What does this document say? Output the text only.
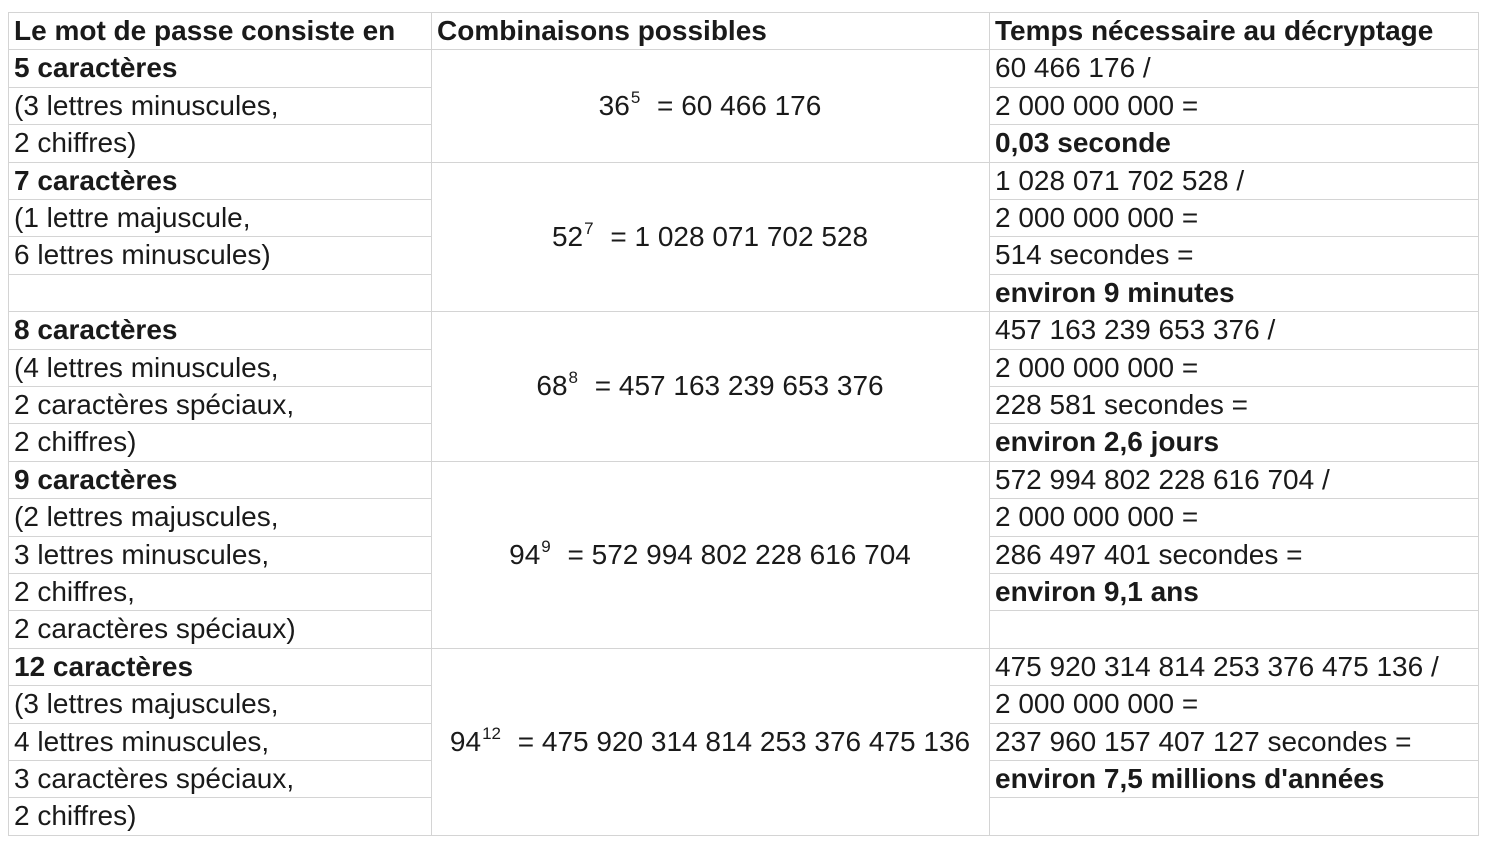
Le mot de passe consiste en	Combinaisons possibles	Temps nécessaire au décryptage
5 caractères
(3 lettres minuscules,
2 chiffres)
60 466 176 /
2 000 000 000 =
0,03 seconde
$36^5 = 60$ 466 176
7 caractères
(1 lettre majuscule,
6 lettres minuscules)
1 028 071 702 528 /
2 000 000 000 =
514 secondes =
environ 9 minutes
$52^7 = 1$ 028 071 702 528
8 caractères
(4 lettres minuscules,
2 caractères spéciaux,
2 chiffres)
457 163 239 653 376 /
2 000 000 000 =
228 581 secondes =
environ 2,6 jours
$68^8 = 457$ 163 239 653 376
9 caractères
(2 lettres majuscules,
3 lettres minuscules,
2 chiffres,
2 caractères spéciaux)
572 994 802 228 616 704 /
2 000 000 000 =
286 497 401 secondes =
environ 9,1 ans
$94^9 = 572$ 994 802 228 616 704
12 caractères
(3 lettres majuscules,
4 lettres minuscules,
3 caractères spéciaux,
2 chiffres)
475 920 314 814 253 376 475 136 /
2 000 000 000 =
237 960 157 407 127 secondes =
environ 7,5 millions d'années
$94^{12} = 475$ 920 314 814 253 376 475 136
